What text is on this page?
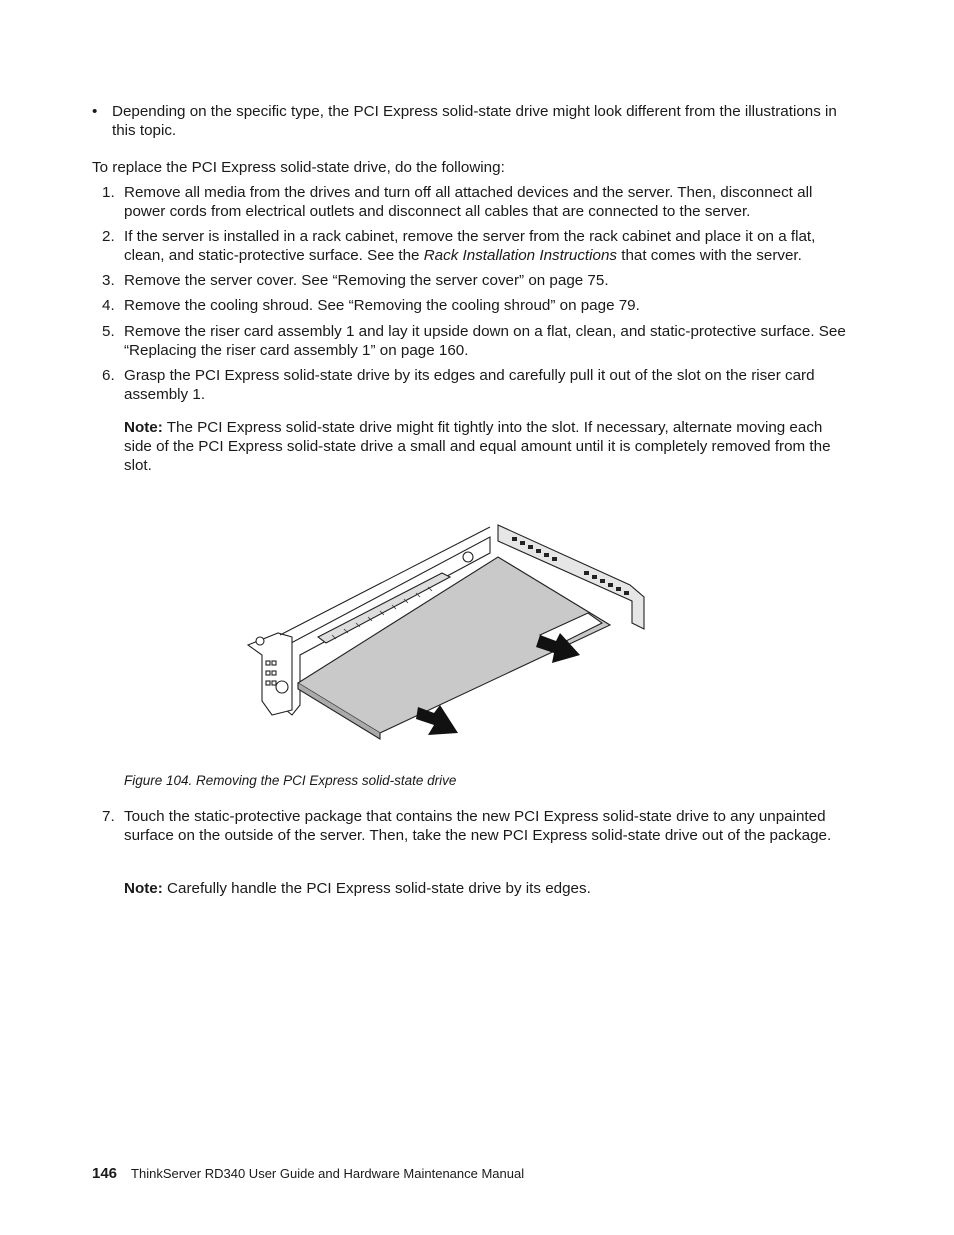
• Depending on the specific type, the PCI Express solid-state drive might look different from the illustrations in this topic.
To replace the PCI Express solid-state drive, do the following:
1. Remove all media from the drives and turn off all attached devices and the server. Then, disconnect all power cords from electrical outlets and disconnect all cables that are connected to the server.
2. If the server is installed in a rack cabinet, remove the server from the rack cabinet and place it on a flat, clean, and static-protective surface. See the Rack Installation Instructions that comes with the server.
3. Remove the server cover. See “Removing the server cover” on page 75.
4. Remove the cooling shroud. See “Removing the cooling shroud” on page 79.
5. Remove the riser card assembly 1 and lay it upside down on a flat, clean, and static-protective surface. See “Replacing the riser card assembly 1” on page 160.
6. Grasp the PCI Express solid-state drive by its edges and carefully pull it out of the slot on the riser card assembly 1.
Note: The PCI Express solid-state drive might fit tightly into the slot. If necessary, alternate moving each side of the PCI Express solid-state drive a small and equal amount until it is completely removed from the slot.
Figure 104. Removing the PCI Express solid-state drive
7. Touch the static-protective package that contains the new PCI Express solid-state drive to any unpainted surface on the outside of the server. Then, take the new PCI Express solid-state drive out of the package.
Note: Carefully handle the PCI Express solid-state drive by its edges.
146 ThinkServer RD340 User Guide and Hardware Maintenance Manual
